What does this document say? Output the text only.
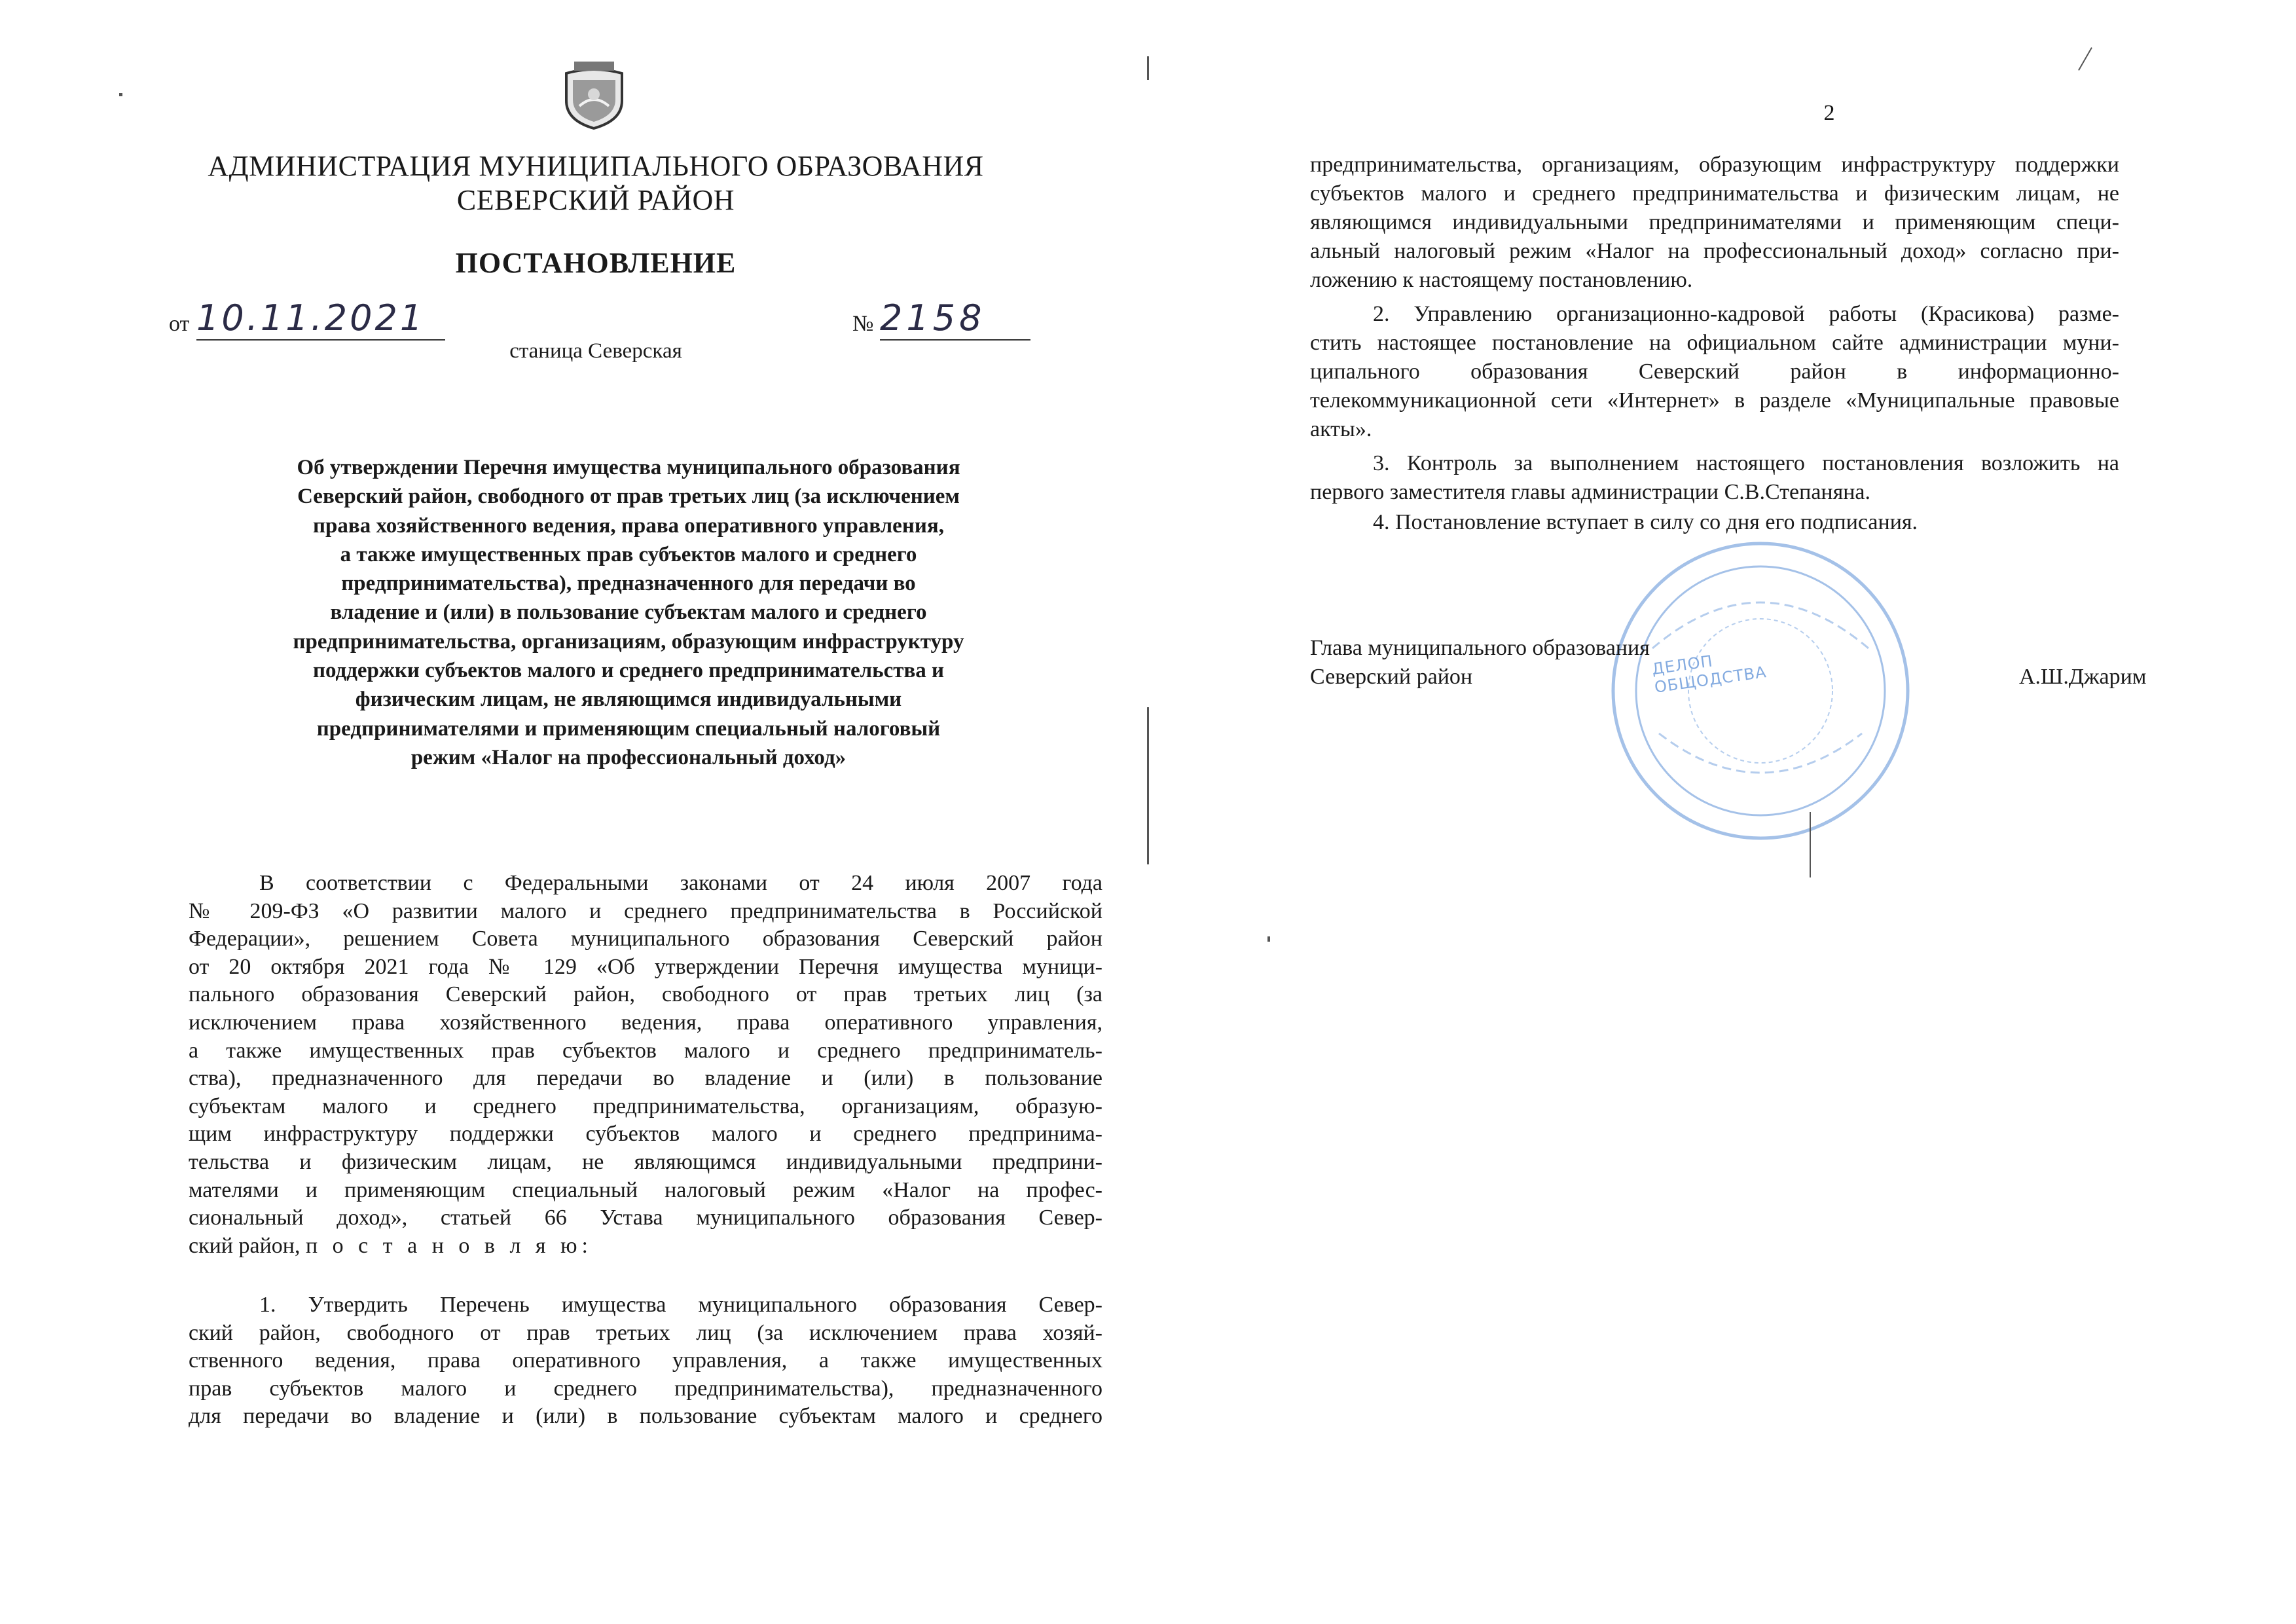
АДМИНИСТРАЦИЯ МУНИЦИПАЛЬНОГО ОБРАЗОВАНИЯ
СЕВЕРСКИЙ РАЙОН
ПОСТАНОВЛЕНИЕ
от 10.11.2021	№ 2158
станица Северская
Об утверждении Перечня имущества муниципального образования
Северский район, свободного от прав третьих лиц (за исключением
права хозяйственного ведения, права оперативного управления,
а также имущественных прав субъектов малого и среднего
предпринимательства), предназначенного для передачи во
владение и (или) в пользование субъектам малого и среднего
предпринимательства, организациям, образующим инфраструктуру
поддержки субъектов малого и среднего предпринимательства и
физическим лицам, не являющимся индивидуальными
предпринимателями и применяющим специальный налоговый
режим «Налог на профессиональный доход»
В соответствии с Федеральными законами от 24 июля 2007 года
№ 209-ФЗ «О развитии малого и среднего предпринимательства в Российской
Федерации», решением Совета муниципального образования Северский район
от 20 октября 2021 года № 129 «Об утверждении Перечня имущества муници-
пального образования Северский район, свободного от прав третьих лиц (за
исключением права хозяйственного ведения, права оперативного управления,
а также имущественных прав субъектов малого и среднего предприниматель-
ства), предназначенного для передачи во владение и (или) в пользование
субъектам малого и среднего предпринимательства, организациям, образую-
щим инфраструктуру поддержки субъектов малого и среднего предпринима-
тельства и физическим лицам, не являющимся индивидуальными предприни-
мателями и применяющим специальный налоговый режим «Налог на профес-
сиональный доход», статьей 66 Устава муниципального образования Север-
ский район, п о с т а н о в л я ю:
1. Утвердить Перечень имущества муниципального образования Север-
ский район, свободного от прав третьих лиц (за исключением права хозяй-
ственного ведения, права оперативного управления, а также имущественных
прав субъектов малого и среднего предпринимательства), предназначенного
для передачи во владение и (или) в пользование субъектам малого и среднего
2
предпринимательства, организациям, образующим инфраструктуру поддержки
субъектов малого и среднего предпринимательства и физическим лицам, не
являющимся индивидуальными предпринимателями и применяющим специ-
альный налоговый режим «Налог на профессиональный доход» согласно при-
ложению к настоящему постановлению.
2. Управлению организационно-кадровой работы (Красикова) разме-
стить настоящее постановление на официальном сайте администрации муни-
ципального образования Северский район в информационно-
телекоммуникационной сети «Интернет» в разделе «Муниципальные правовые
акты».
3. Контроль за выполнением настоящего постановления возложить на
первого заместителя главы администрации С.В.Степаняна.
4. Постановление вступает в силу со дня его подписания.
ДЕЛОП ОБЩОДСТВА
Глава муниципального образования
Северский район	А.Ш.Джарим
